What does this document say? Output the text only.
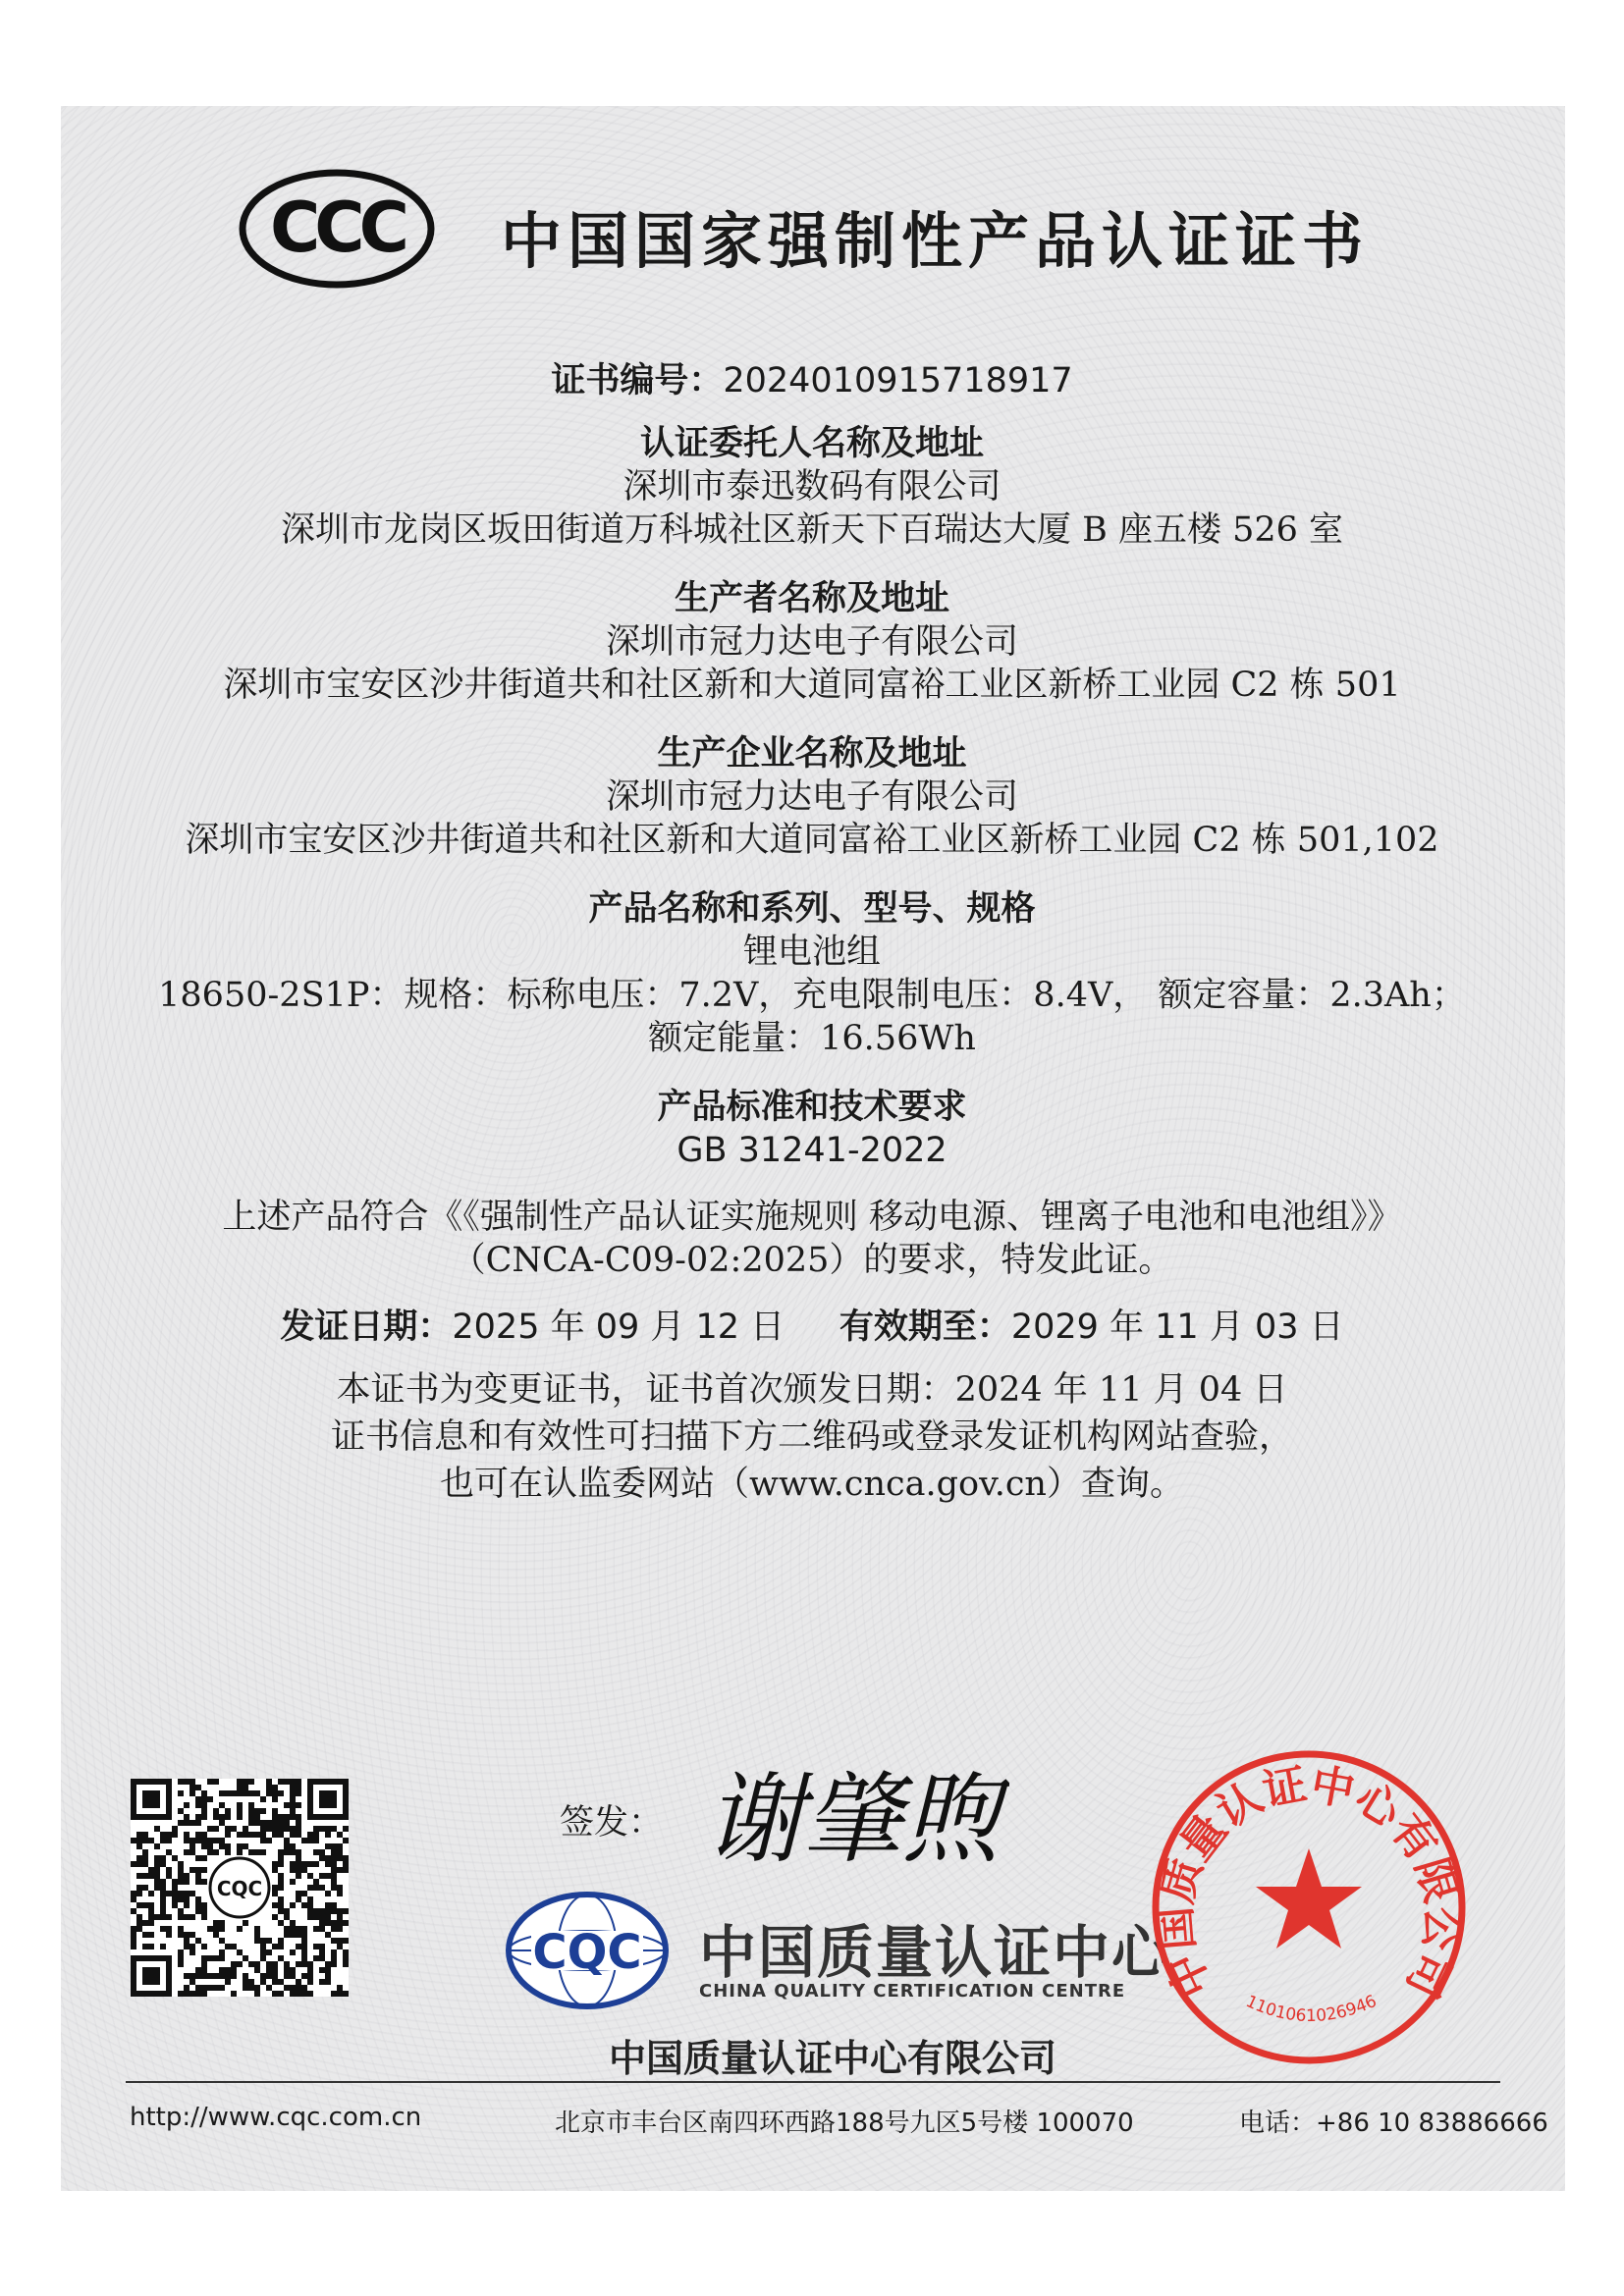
CCC 中国国家强制性产品认证证书
证书编号：2024010915718917
认证委托人名称及地址
深圳市泰迅数码有限公司
深圳市龙岗区坂田街道万科城社区新天下百瑞达大厦 B 座五楼 526 室
生产者名称及地址
深圳市冠力达电子有限公司
深圳市宝安区沙井街道共和社区新和大道同富裕工业区新桥工业园 C2 栋 501
生产企业名称及地址
深圳市冠力达电子有限公司
深圳市宝安区沙井街道共和社区新和大道同富裕工业区新桥工业园 C2 栋 501,102
产品名称和系列、型号、规格
锂电池组
18650-2S1P：规格：标称电压：7.2V，充电限制电压：8.4V， 额定容量：2.3Ah；
额定能量：16.56Wh
产品标准和技术要求
GB 31241-2022
上述产品符合《《强制性产品认证实施规则 移动电源、锂离子电池和电池组》》
（CNCA-C09-02:2025）的要求，特发此证。
发证日期：2025 年 09 月 12 日 有效期至：2029 年 11 月 03 日
本证书为变更证书，证书首次颁发日期：2024 年 11 月 04 日
证书信息和有效性可扫描下方二维码或登录发证机构网站查验，
也可在认监委网站（www.cnca.gov.cn）查询。
CQC
签发： 谢肇煦
CQC 中国质量认证中心
CHINA QUALITY CERTIFICATION CENTRE
中国质量认证中心有限公司
中国质量认证中心有限公司
1101061026946
http://www.cqc.com.cn	北京市丰台区南四环西路188号九区5号楼 100070	电话：+86 10 83886666
